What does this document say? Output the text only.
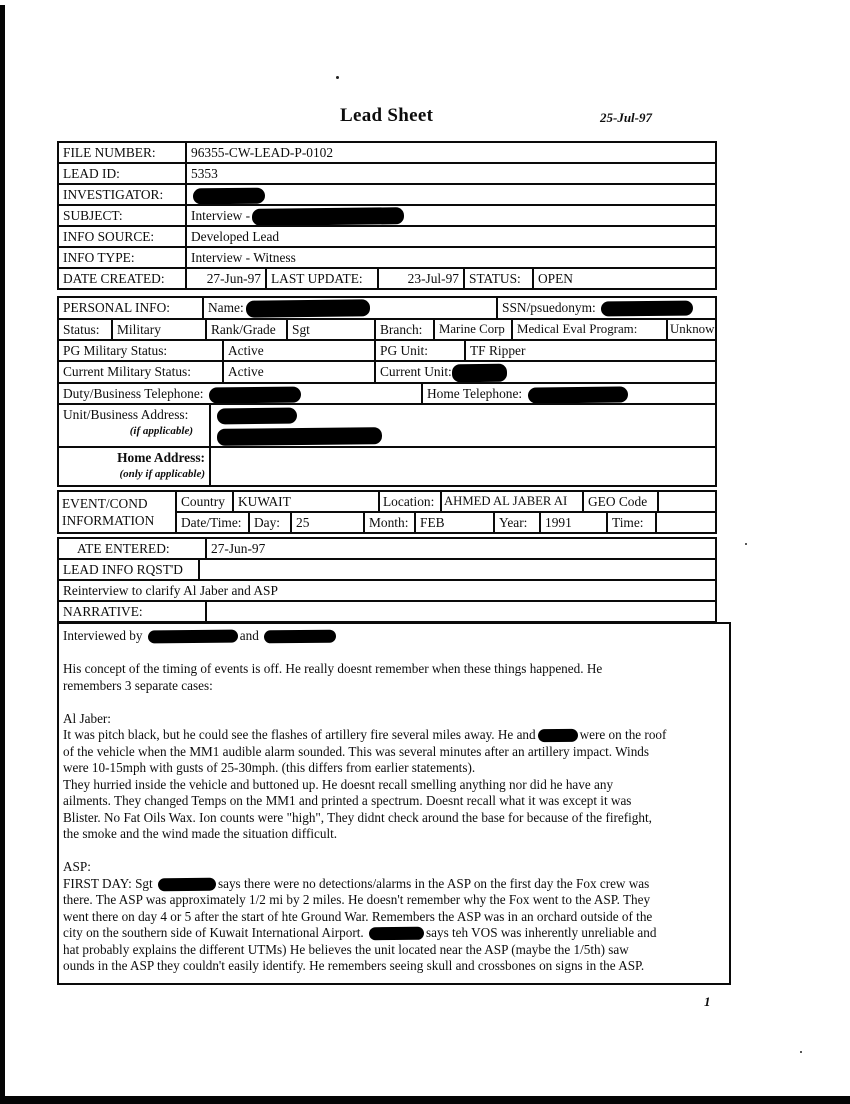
Lead Sheet	25-Jul-97
FILE NUMBER:	96355-CW-LEAD-P-0102
LEAD ID:	5353
INVESTIGATOR:
SUBJECT:	Interview -
INFO SOURCE:	Developed Lead
INFO TYPE:	Interview - Witness
DATE CREATED:	27-Jun-97 LAST UPDATE:	23-Jul-97 STATUS:	OPEN
PERSONAL INFO:	Name:	SSN/psuedonym:
Status:	Military	Rank/Grade	Sgt	Branch:	Marine Corp Medical Eval Program:	Unknow
PG Military Status:	Active	PG Unit:	TF Ripper
Current Military Status:	Active	Current Unit:
Duty/Business Telephone:	Home Telephone:
Unit/Business Address:
(if applicable)
Home Address:
(only if applicable)
EVENT/COND
INFORMATION
Country KUWAIT	Location: AHMED AL JABER AI	GEO Code
Date/Time: Day:	25	Month: FEB	Year:	1991	Time:
ATE ENTERED:	27-Jun-97
LEAD INFO RQST'D
Reinterview to clarify Al Jaber and ASP
NARRATIVE:
Interviewed by	and
His concept of the timing of events is off. He really doesnt remember when these things happened. He
remembers 3 separate cases:
Al Jaber:
It was pitch black, but he could see the flashes of artillery fire several miles away. He and	were on the roof
of the vehicle when the MM1 audible alarm sounded. This was several minutes after an artillery impact. Winds
were 10-15mph with gusts of 25-30mph. (this differs from earlier statements).
They hurried inside the vehicle and buttoned up. He doesnt recall smelling anything nor did he have any
ailments. They changed Temps on the MM1 and printed a spectrum. Doesnt recall what it was except it was
Blister. No Fat Oils Wax. Ion counts were "high", They didnt check around the base for because of the firefight,
the smoke and the wind made the situation difficult.
ASP:
FIRST DAY: Sgt	says there were no detections/alarms in the ASP on the first day the Fox crew was
there. The ASP was approximately 1/2 mi by 2 miles. He doesn't remember why the Fox went to the ASP. They
went there on day 4 or 5 after the start of hte Ground War. Remembers the ASP was in an orchard outside of the
city on the southern side of Kuwait International Airport.	says teh VOS was inherently unreliable and
hat probably explains the different UTMs) He believes the unit located near the ASP (maybe the 1/5th) saw
ounds in the ASP they couldn't easily identify. He remembers seeing skull and crossbones on signs in the ASP.
1
